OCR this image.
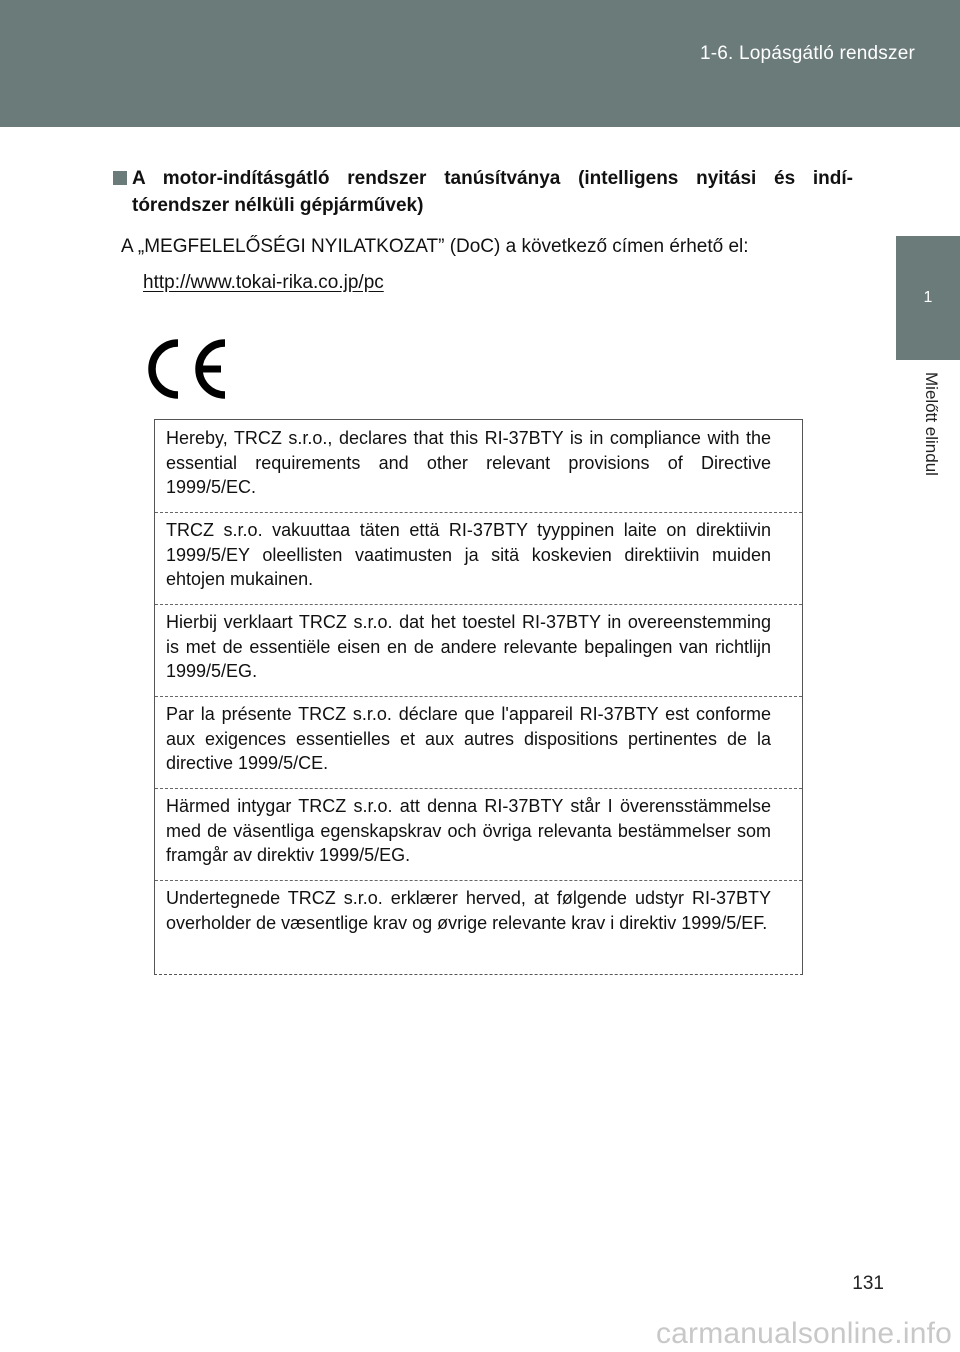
1-6. Lopásgátló rendszer
1
Mielőtt elindul
A motor-indításgátló rendszer tanúsítványa (intelligens nyitási és indí- tórendszer nélküli gépjárművek)
A „MEGFELELŐSÉGI NYILATKOZAT” (DoC) a következő címen érhető el:
http://www.tokai-rika.co.jp/pc
Hereby, TRCZ s.r.o., declares that this RI-37BTY is in compliance with the essential requirements and other relevant provisions of Directive 1999/5/EC.
TRCZ s.r.o. vakuuttaa täten että RI-37BTY tyyppinen laite on direktiivin 1999/5/EY oleellisten vaatimusten ja sitä koskevien direktiivin muiden ehtojen mukainen.
Hierbij verklaart TRCZ s.r.o. dat het toestel RI-37BTY in overeenstemming is met de essentiële eisen en de andere relevante bepalingen van richtlijn 1999/5/EG.
Par la présente TRCZ s.r.o. déclare que l'appareil RI-37BTY est conforme aux exigences essentielles et aux autres dispositions pertinentes de la directive 1999/5/CE.
Härmed intygar TRCZ s.r.o. att denna RI-37BTY står I överensstämmelse med de väsentliga egenskapskrav och övriga relevanta bestämmelser som framgår av direktiv 1999/5/EG.
Undertegnede TRCZ s.r.o. erklærer herved, at følgende udstyr RI-37BTY overholder de væsentlige krav og øvrige relevante krav i direktiv 1999/5/EF.
131
carmanualsonline.info
